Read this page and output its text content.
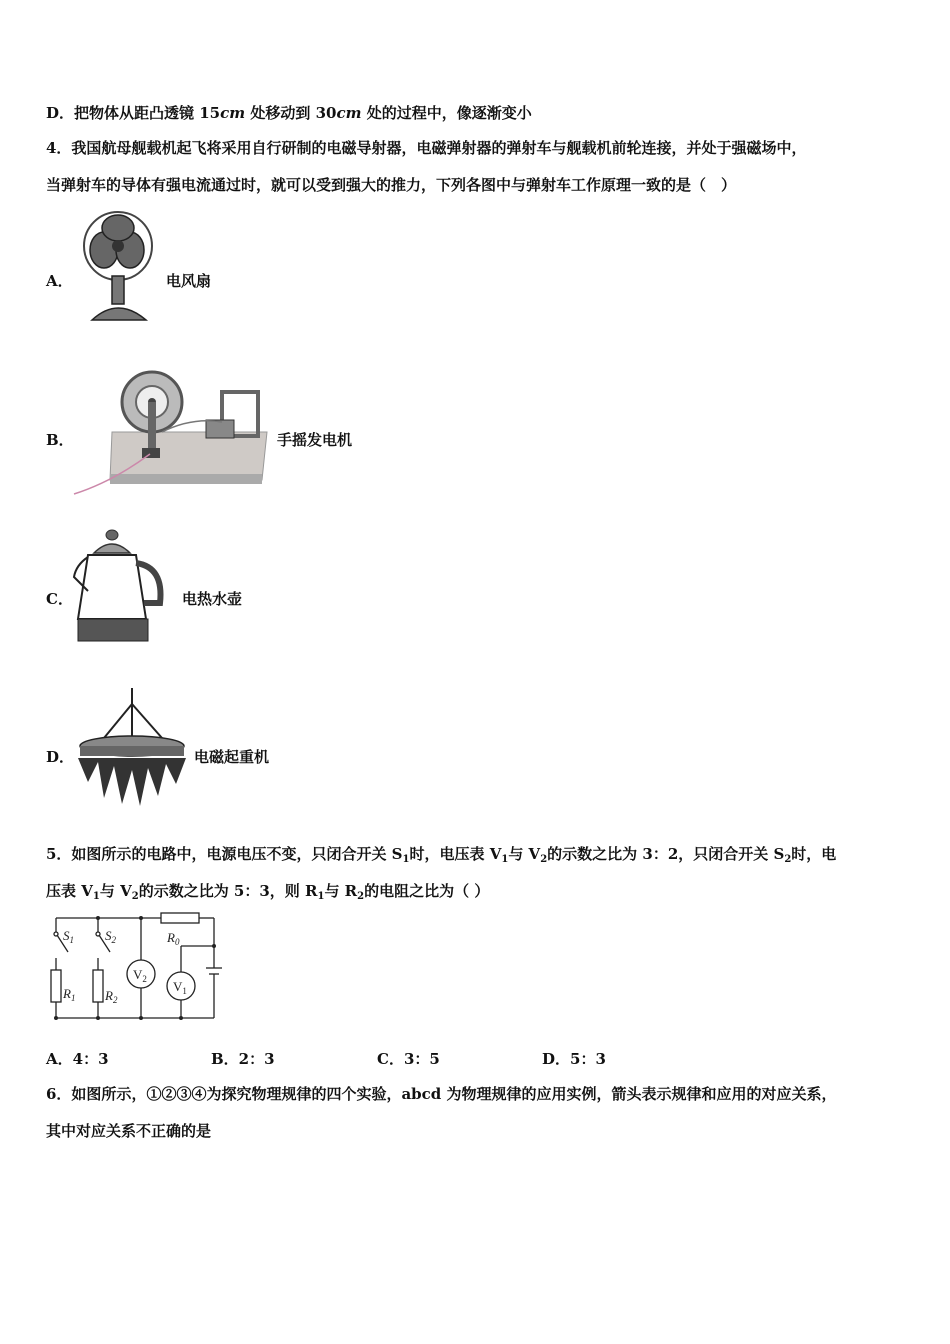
D．把物体从距凸透镜 15cm 处移动到 30cm 处的过程中，像逐渐变小
4．我国航母舰载机起飞将采用自行研制的电磁导射器，电磁弹射器的弹射车与舰载机前轮连接，并处于强磁场中，
当弹射车的导体有强电流通过时，就可以受到强大的推力，下列各图中与弹射车工作原理一致的是（　）
A．	电风扇
B．	手摇发电机
C．	电热水壶
D．	电磁起重机
5．如图所示的电路中，电源电压不变，只闭合开关 $S_1$时，电压表 $V_1$与 $V_2$的示数之比为 3：2，只闭合开关 $S_2$时，电
压表 $V_1$与 $V_2$的示数之比为 5：3，则 $R_1$与 $R_2$的电阻之比为（ ）
$S_1$ $S_2$	$R_0$
$R_1$ $R_2$
$V_2$ $V_1$
A．4：3	B．2：3	C．3：5	D．5：3
6．如图所示，①②③④为探究物理规律的四个实验，abcd 为物理规律的应用实例，箭头表示规律和应用的对应关系，
其中对应关系不正确的是
